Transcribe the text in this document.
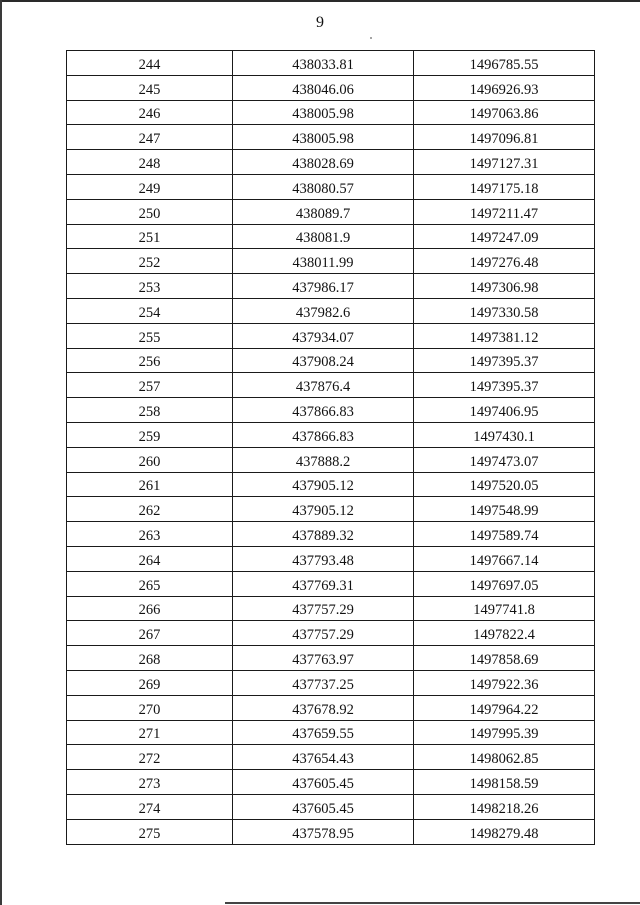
9
244	438033.81	1496785.55
245	438046.06	1496926.93
246	438005.98	1497063.86
247	438005.98	1497096.81
248	438028.69	1497127.31
249	438080.57	1497175.18
250	438089.7	1497211.47
251	438081.9	1497247.09
252	438011.99	1497276.48
253	437986.17	1497306.98
254	437982.6	1497330.58
255	437934.07	1497381.12
256	437908.24	1497395.37
257	437876.4	1497395.37
258	437866.83	1497406.95
259	437866.83	1497430.1
260	437888.2	1497473.07
261	437905.12	1497520.05
262	437905.12	1497548.99
263	437889.32	1497589.74
264	437793.48	1497667.14
265	437769.31	1497697.05
266	437757.29	1497741.8
267	437757.29	1497822.4
268	437763.97	1497858.69
269	437737.25	1497922.36
270	437678.92	1497964.22
271	437659.55	1497995.39
272	437654.43	1498062.85
273	437605.45	1498158.59
274	437605.45	1498218.26
275	437578.95	1498279.48
